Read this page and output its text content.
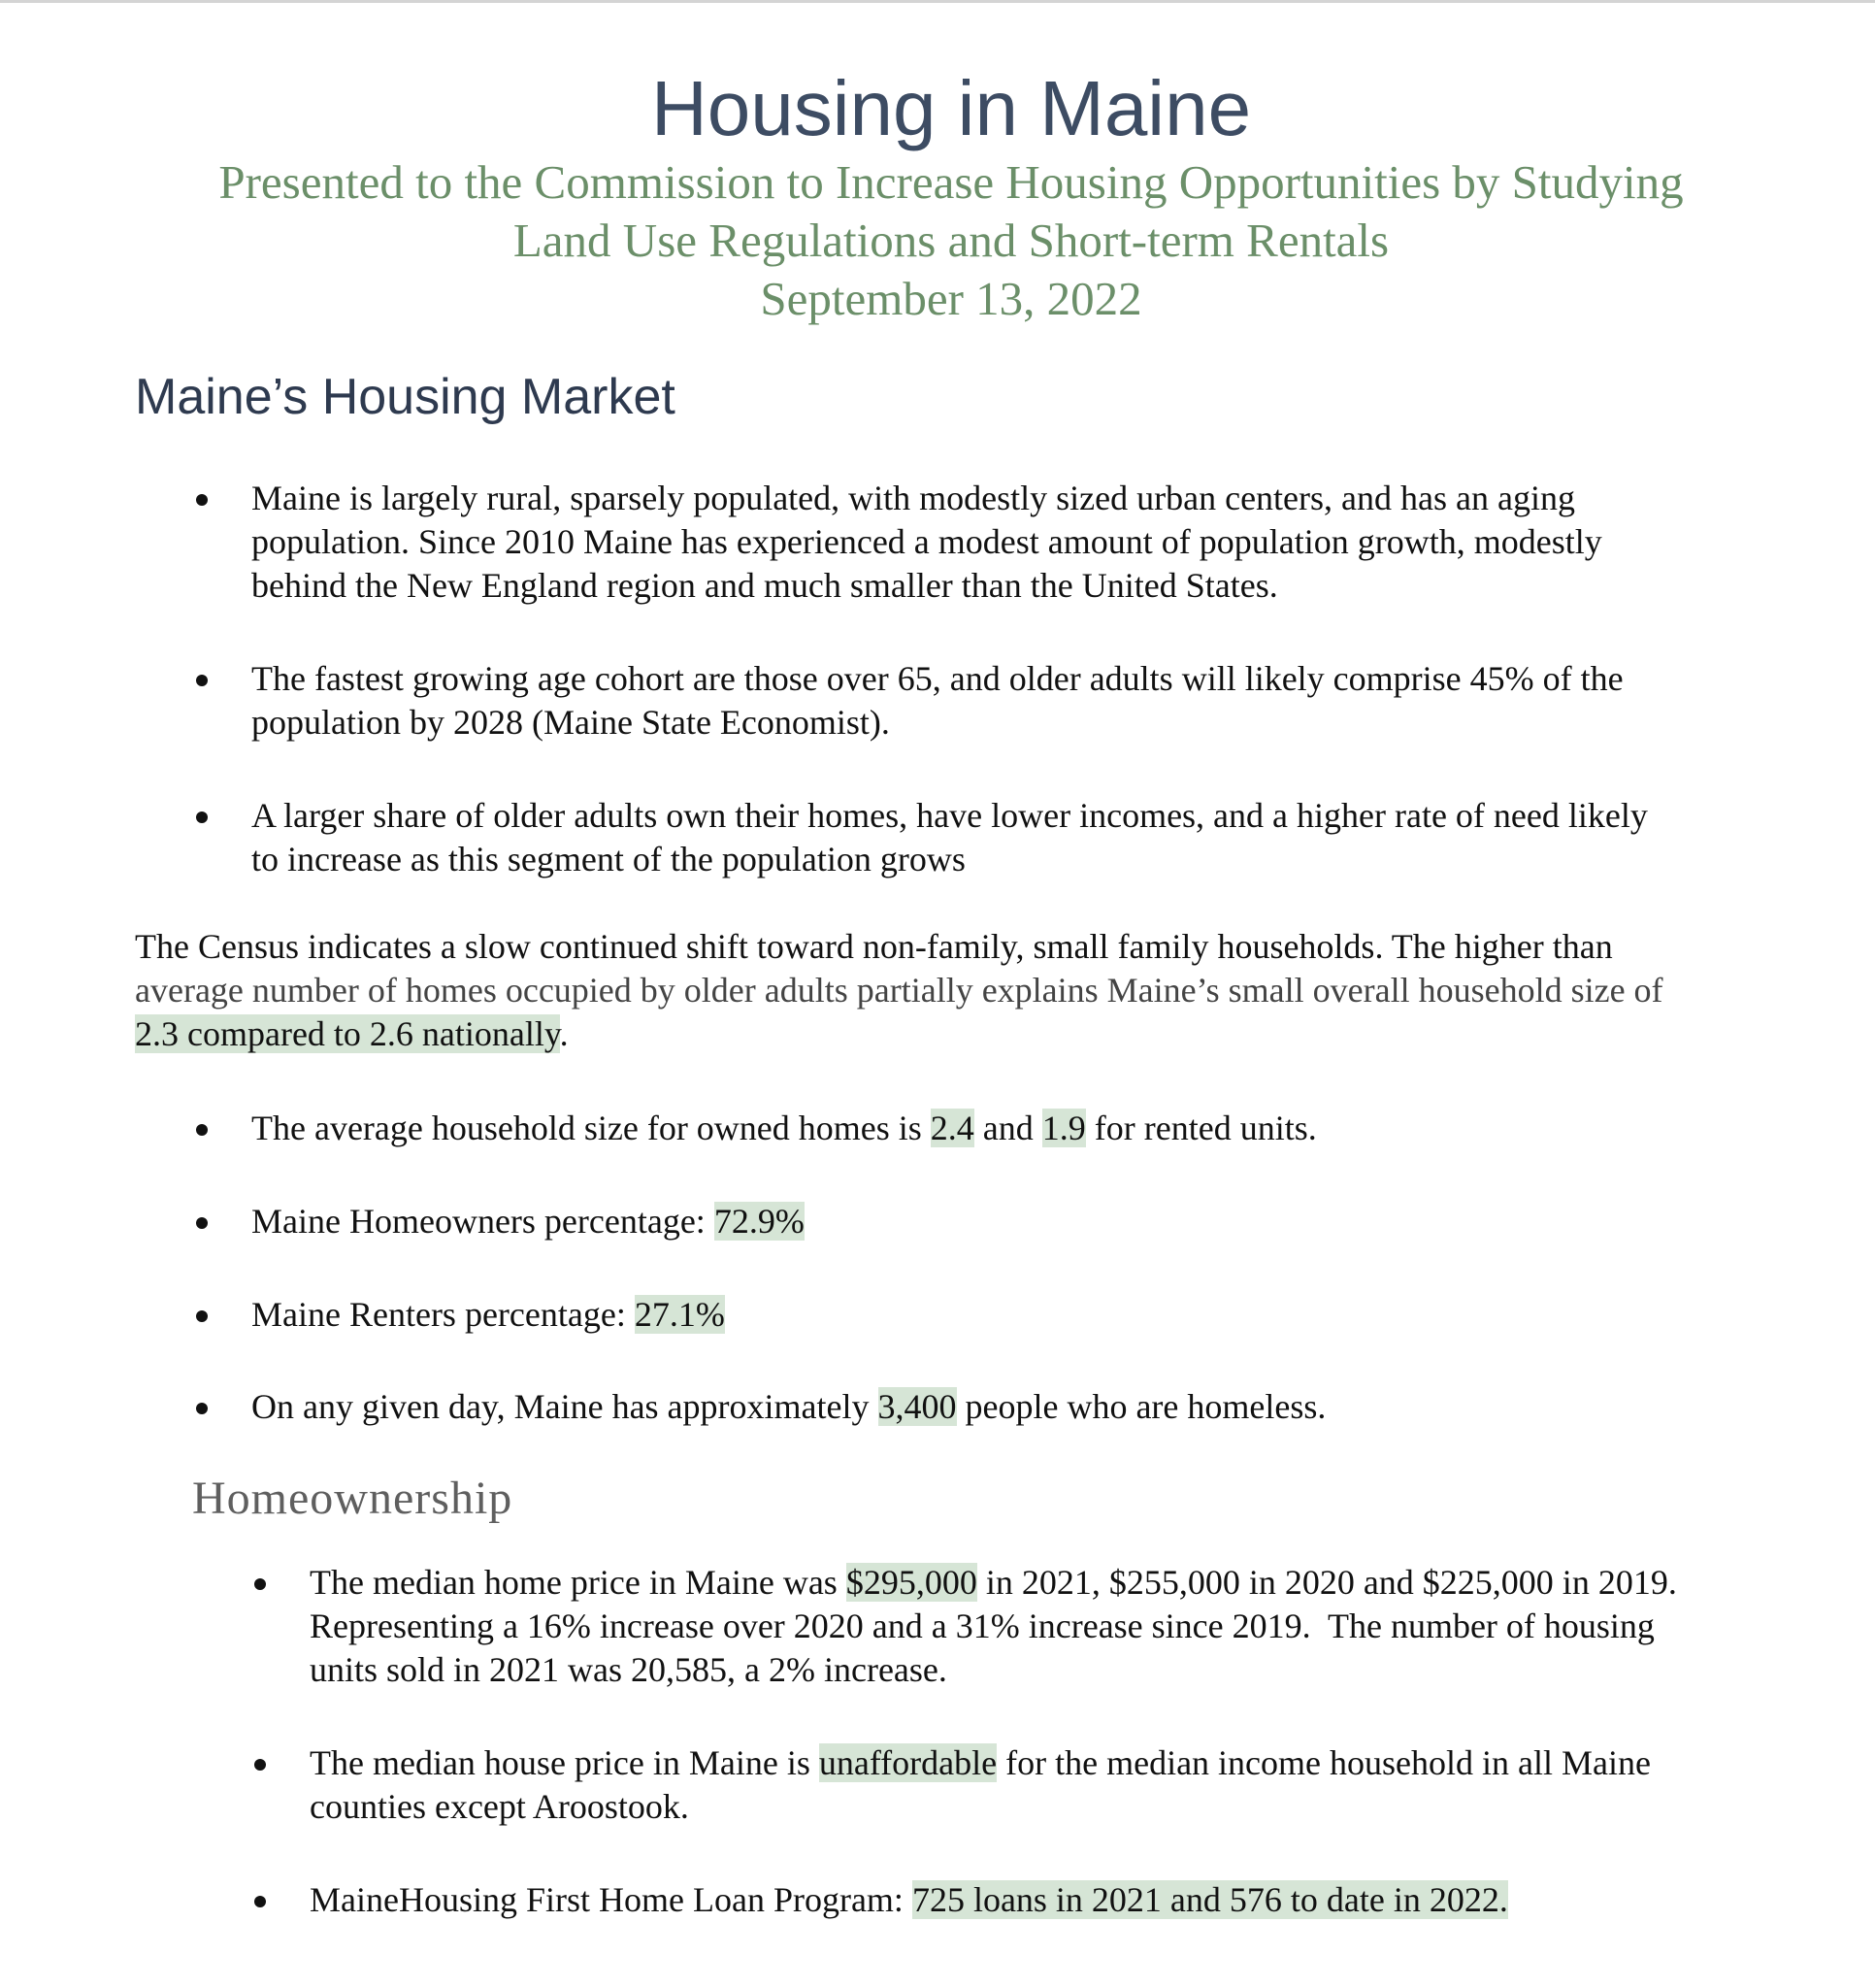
Housing in Maine
Presented to the Commission to Increase Housing Opportunities by Studying
Land Use Regulations and Short-term Rentals
September 13, 2022
Maine’s Housing Market
Maine is largely rural, sparsely populated, with modestly sized urban centers, and has an aging
population. Since 2010 Maine has experienced a modest amount of population growth, modestly
behind the New England region and much smaller than the United States.
The fastest growing age cohort are those over 65, and older adults will likely comprise 45% of the
population by 2028 (Maine State Economist).
A larger share of older adults own their homes, have lower incomes, and a higher rate of need likely
to increase as this segment of the population grows
The Census indicates a slow continued shift toward non-family, small family households. The higher than
average number of homes occupied by older adults partially explains Maine’s small overall household size of
2.3 compared to 2.6 nationally.
The average household size for owned homes is 2.4 and 1.9 for rented units.
Maine Homeowners percentage: 72.9%
Maine Renters percentage: 27.1%
On any given day, Maine has approximately 3,400 people who are homeless.
Homeownership
The median home price in Maine was $295,000 in 2021, $255,000 in 2020 and $225,000 in 2019.
Representing a 16% increase over 2020 and a 31% increase since 2019.  The number of housing
units sold in 2021 was 20,585, a 2% increase.
The median house price in Maine is unaffordable for the median income household in all Maine
counties except Aroostook.
MaineHousing First Home Loan Program: 725 loans in 2021 and 576 to date in 2022.
